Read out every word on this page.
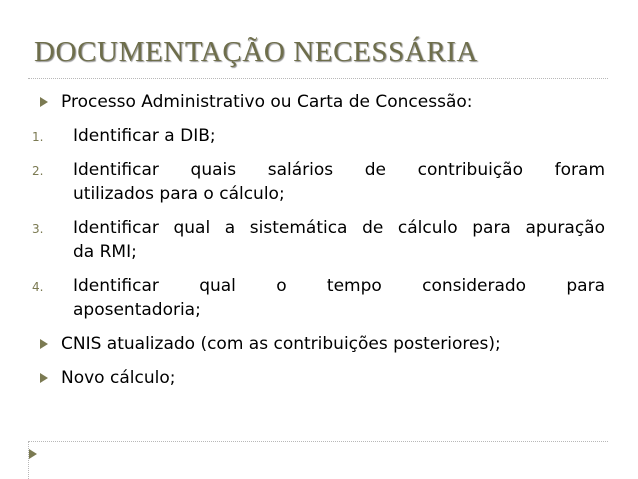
DOCUMENTAÇÃO NECESSÁRIA
Processo Administrativo ou Carta de Concessão:
1. Identificar a DIB;
2. Identificar quais salários de contribuição foram
utilizados para o cálculo;
3. Identificar qual a sistemática de cálculo para apuração
da RMI;
4. Identificar qual o tempo considerado para
aposentadoria;
CNIS atualizado (com as contribuições posteriores);
Novo cálculo;
